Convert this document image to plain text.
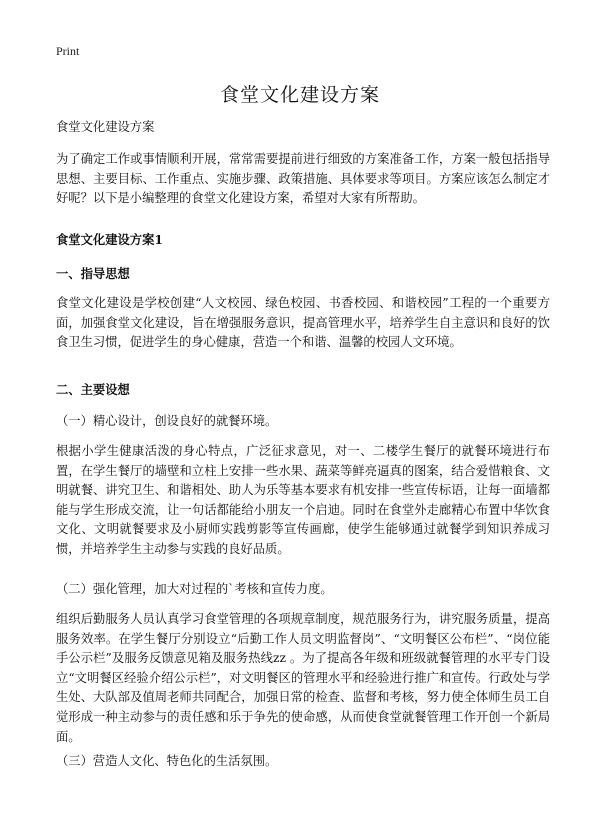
Print
食堂文化建设方案
食堂文化建设方案
为了确定工作或事情顺利开展，常常需要提前进行细致的方案准备工作，方案一般包括指导思想、主要目标、工作重点、实施步骤、政策措施、具体要求等项目。方案应该怎么制定才好呢？以下是小编整理的食堂文化建设方案，希望对大家有所帮助。
食堂文化建设方案1
一、指导思想
食堂文化建设是学校创建“人文校园、绿色校园、书香校园、和谐校园”工程的一个重要方面，加强食堂文化建设，旨在增强服务意识，提高管理水平，培养学生自主意识和良好的饮食卫生习惯，促进学生的身心健康，营造一个和谐、温馨的校园人文环境。
二、主要设想
（一）精心设计，创设良好的就餐环境。
根据小学生健康活泼的身心特点，广泛征求意见，对一、二楼学生餐厅的就餐环境进行布置，在学生餐厅的墙壁和立柱上安排一些水果、蔬菜等鲜亮逼真的图案，结合爱惜粮食、文明就餐、讲究卫生、和谐相处、助人为乐等基本要求有机安排一些宣传标语，让每一面墙都能与学生形成交流，让一句话都能给小朋友一个启迪。同时在食堂外走廊精心布置中华饮食文化、文明就餐要求及小厨师实践剪影等宣传画廊，使学生能够通过就餐学到知识养成习惯，并培养学生主动参与实践的良好品质。
（二）强化管理，加大对过程的`考核和宣传力度。
组织后勤服务人员认真学习食堂管理的各项规章制度，规范服务行为，讲究服务质量，提高服务效率。在学生餐厅分别设立“后勤工作人员文明监督岗”、“文明餐区公布栏”、“岗位能手公示栏”及服务反馈意见箱及服务热线zz 。为了提高各年级和班级就餐管理的水平专门设立“文明餐区经验介绍公示栏”，对文明餐区的管理水平和经验进行推广和宣传。行政处与学生处、大队部及值周老师共同配合，加强日常的检查、监督和考核，努力使全体师生员工自觉形成一种主动参与的责任感和乐于争先的使命感，从而使食堂就餐管理工作开创一个新局面。
（三）营造人文化、特色化的生活氛围。
